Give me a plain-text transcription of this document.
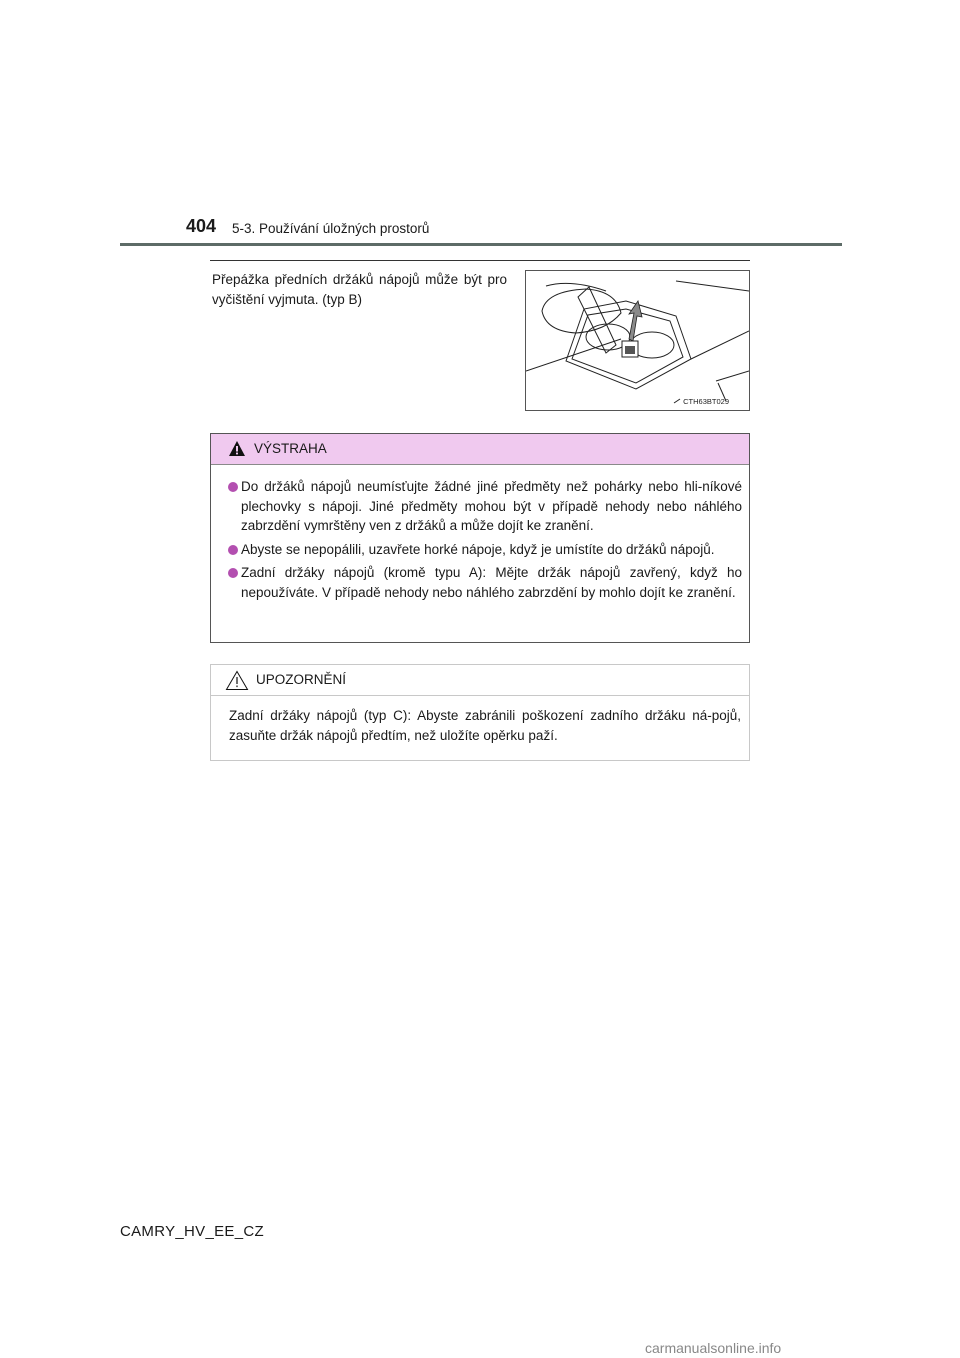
404 5-3. Používání úložných prostorů
Přepážka předních držáků nápojů může být pro vyčištění vyjmuta. (typ B)
CTH63BT029
VÝSTRAHA
Do držáků nápojů neumísťujte žádné jiné předměty než pohárky nebo hli-níkové plechovky s nápoji. Jiné předměty mohou být v případě nehody nebo náhlého zabrzdění vymrštěny ven z držáků a může dojít ke zranění.
Abyste se nepopálili, uzavřete horké nápoje, když je umístíte do držáků nápojů.
Zadní držáky nápojů (kromě typu A): Mějte držák nápojů zavřený, když ho nepoužíváte. V případě nehody nebo náhlého zabrzdění by mohlo dojít ke zranění.
UPOZORNĚNÍ
Zadní držáky nápojů (typ C): Abyste zabránili poškození zadního držáku ná-pojů, zasuňte držák nápojů předtím, než uložíte opěrku paží.
CAMRY_HV_EE_CZ
carmanualsonline.info
